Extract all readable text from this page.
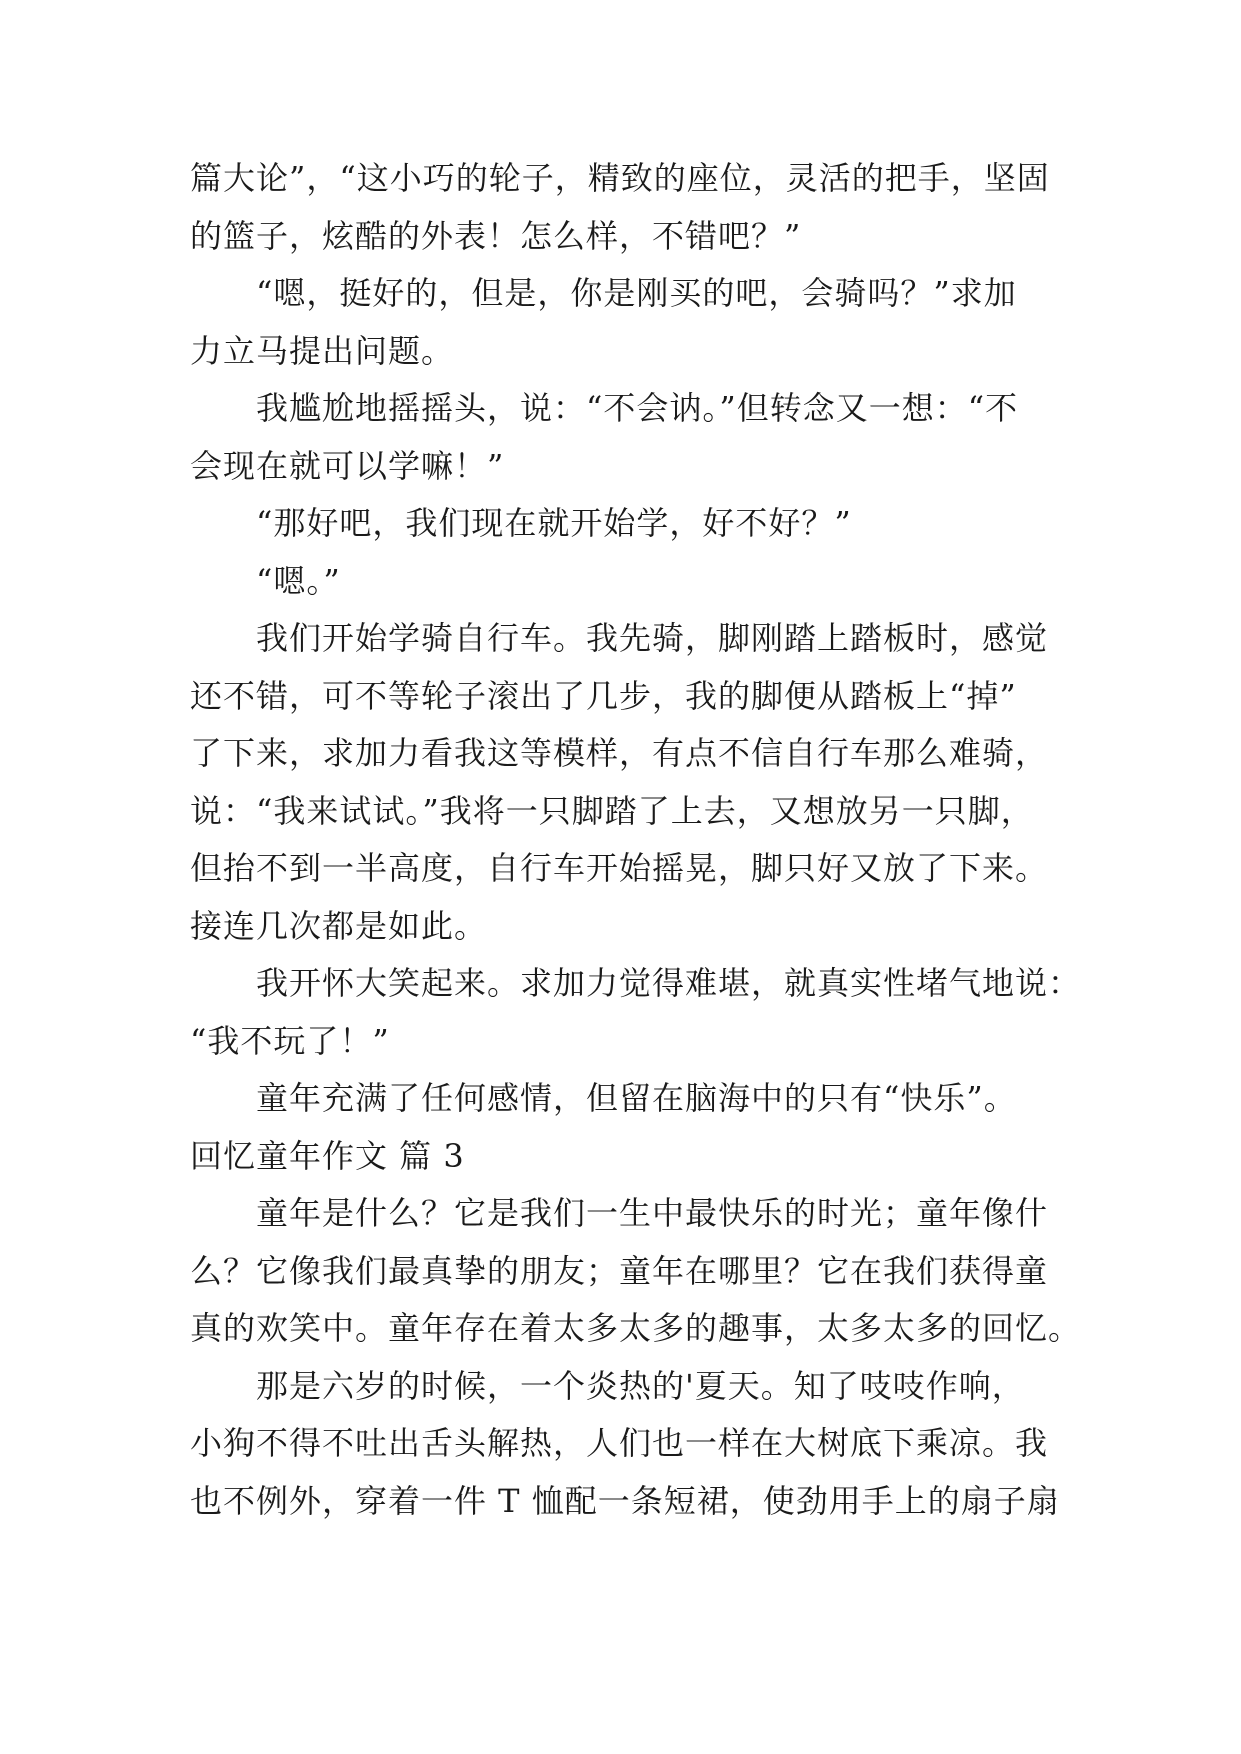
篇大论”，“这小巧的轮子，精致的座位，灵活的把手，坚固
的篮子，炫酷的外表！怎么样，不错吧？”
“嗯，挺好的，但是，你是刚买的吧，会骑吗？”求加
力立马提出问题。
我尴尬地摇摇头，说：“不会讷。”但转念又一想：“不
会现在就可以学嘛！”
“那好吧，我们现在就开始学，好不好？”
“嗯。”
我们开始学骑自行车。我先骑，脚刚踏上踏板时，感觉
还不错，可不等轮子滚出了几步，我的脚便从踏板上“掉”
了下来，求加力看我这等模样，有点不信自行车那么难骑，
说：“我来试试。”我将一只脚踏了上去，又想放另一只脚，
但抬不到一半高度，自行车开始摇晃，脚只好又放了下来。
接连几次都是如此。
我开怀大笑起来。求加力觉得难堪，就真实性堵气地说：
“我不玩了！”
童年充满了任何感情，但留在脑海中的只有“快乐”。
回忆童年作文 篇 3
童年是什么？它是我们一生中最快乐的时光；童年像什
么？它像我们最真挚的朋友；童年在哪里？它在我们获得童
真的欢笑中。童年存在着太多太多的趣事，太多太多的回忆。
那是六岁的时候，一个炎热的'夏天。知了吱吱作响，
小狗不得不吐出舌头解热，人们也一样在大树底下乘凉。我
也不例外，穿着一件 T 恤配一条短裙，使劲用手上的扇子扇
